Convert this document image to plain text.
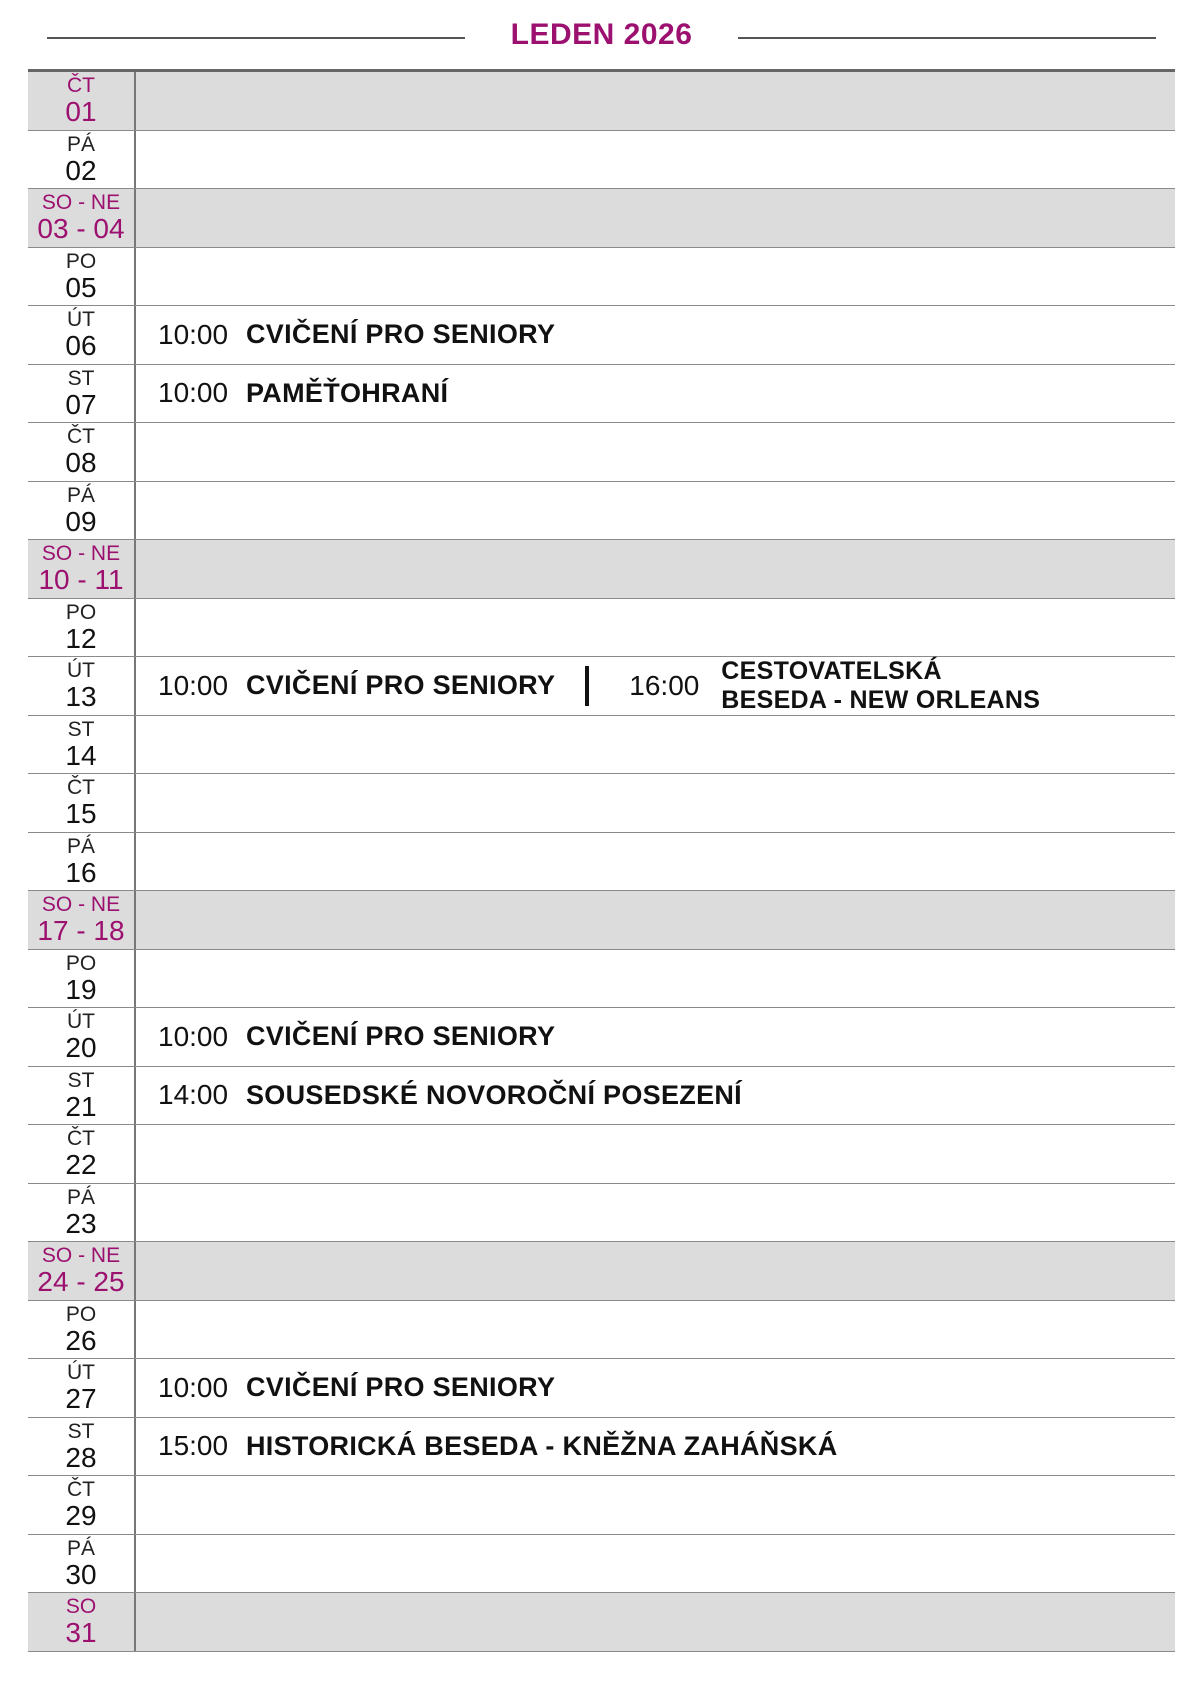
LEDEN 2026
ČT
01
PÁ
02
SO - NE
03 - 04
PO
05
ÚT
06 10:00 CVIČENÍ PRO SENIORY
ST
07 10:00 PAMĚŤOHRANÍ
ČT
08
PÁ
09
SO - NE
10 - 11
PO
12
ÚT
13 10:00 CVIČENÍ PRO SENIORY	16:00 CESTOVATELSKÁ BESEDA - NEW ORLEANS
ST
14
ČT
15
PÁ
16
SO - NE
17 - 18
PO
19
ÚT
20 10:00 CVIČENÍ PRO SENIORY
ST
21 14:00 SOUSEDSKÉ NOVOROČNÍ POSEZENÍ
ČT
22
PÁ
23
SO - NE
24 - 25
PO
26
ÚT
27 10:00 CVIČENÍ PRO SENIORY
ST
28 15:00 HISTORICKÁ BESEDA - KNĚŽNA ZAHÁŇSKÁ
ČT
29
PÁ
30
SO
31
